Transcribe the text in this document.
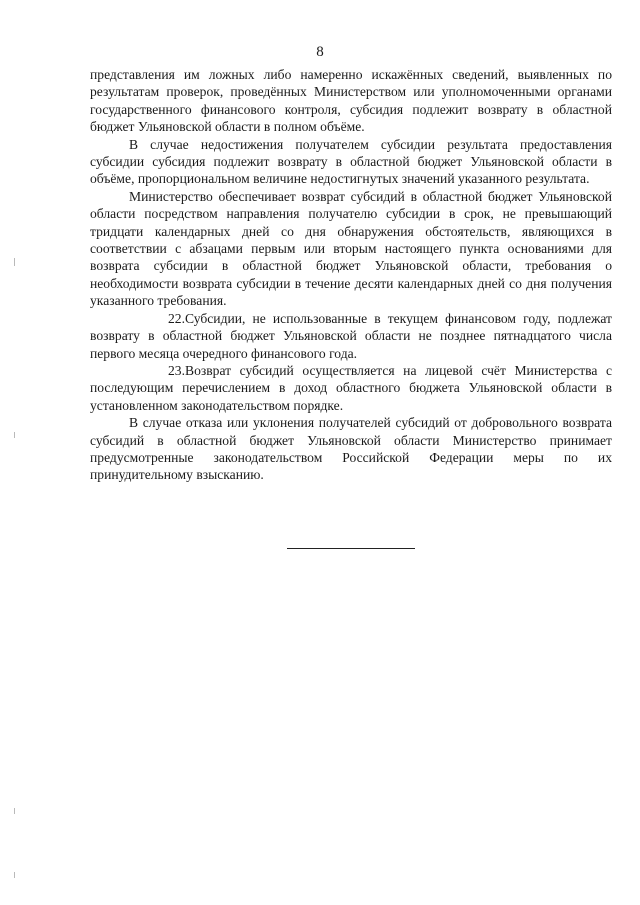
8

представления им ложных либо намеренно искажённых сведений, выявленных по результатам проверок, проведённых Министерством или уполномоченными органами государственного финансового контроля, субсидия подлежит возврату в областной бюджет Ульяновской области в полном объёме.

В случае недостижения получателем субсидии результата предоставления субсидии субсидия подлежит возврату в областной бюджет Ульяновской области в объёме, пропорциональном величине недостигнутых значений указанного результата.

Министерство обеспечивает возврат субсидий в областной бюджет Ульяновской области посредством направления получателю субсидии в срок, не превышающий тридцати календарных дней со дня обнаружения обстоятельств, являющихся в соответствии с абзацами первым или вторым настоящего пункта основаниями для возврата субсидии в областной бюджет Ульяновской области, требования о необходимости возврата субсидии в течение десяти календарных дней со дня получения указанного требования.

22.Субсидии, не использованные в текущем финансовом году, подлежат возврату в областной бюджет Ульяновской области не позднее пятнадцатого числа первого месяца очередного финансового года.

23.Возврат субсидий осуществляется на лицевой счёт Министерства с последующим перечислением в доход областного бюджета Ульяновской области в установленном законодательством порядке.

В случае отказа или уклонения получателей субсидий от добровольного возврата субсидий в областной бюджет Ульяновской области Министерство принимает предусмотренные законодательством Российской Федерации меры по их принудительному взысканию.
